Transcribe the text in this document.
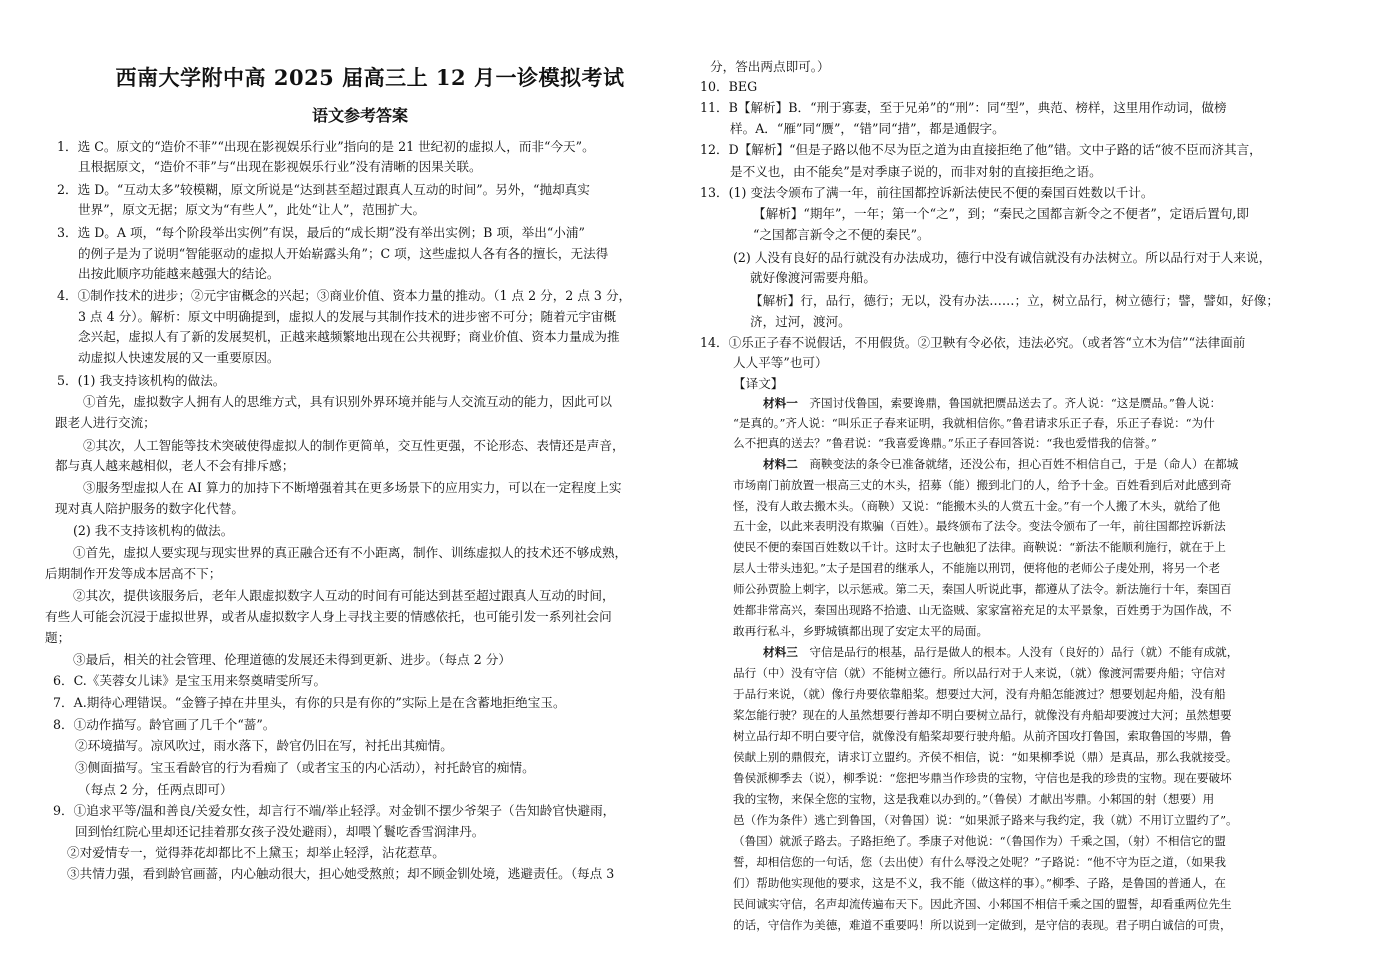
西南大学附中高 2025 届高三上 12 月一诊模拟考试
语文参考答案
1．选 C。原文的“造价不菲”“出现在影视娱乐行业”指向的是 21 世纪初的虚拟人，而非“今天”。
且根据原文，“造价不菲”与“出现在影视娱乐行业”没有清晰的因果关联。
2．选 D。“互动太多”较模糊，原文所说是“达到甚至超过跟真人互动的时间”。另外，“抛却真实
世界”，原文无据；原文为“有些人”，此处“让人”，范围扩大。
3．选 D。A 项，“每个阶段举出实例”有误，最后的“成长期”没有举出实例；B 项，举出“小浦”
的例子是为了说明“智能驱动的虚拟人开始崭露头角”；C 项，这些虚拟人各有各的擅长，无法得
出按此顺序功能越来越强大的结论。
4．①制作技术的进步；②元宇宙概念的兴起；③商业价值、资本力量的推动。（1 点 2 分，2 点 3 分，
3 点 4 分）。解析：原文中明确提到，虚拟人的发展与其制作技术的进步密不可分；随着元宇宙概
念兴起，虚拟人有了新的发展契机，正越来越频繁地出现在公共视野；商业价值、资本力量成为推
动虚拟人快速发展的又一重要原因。
5．(1) 我支持该机构的做法。
①首先，虚拟数字人拥有人的思维方式，具有识别外界环境并能与人交流互动的能力，因此可以
跟老人进行交流；
②其次，人工智能等技术突破使得虚拟人的制作更简单，交互性更强，不论形态、表情还是声音，
都与真人越来越相似，老人不会有排斥感；
③服务型虚拟人在 AI 算力的加持下不断增强着其在更多场景下的应用实力，可以在一定程度上实
现对真人陪护服务的数字化代替。
(2) 我不支持该机构的做法。
①首先，虚拟人要实现与现实世界的真正融合还有不小距离，制作、训练虚拟人的技术还不够成熟，
后期制作开发等成本居高不下；
②其次，提供该服务后，老年人跟虚拟数字人互动的时间有可能达到甚至超过跟真人互动的时间，
有些人可能会沉浸于虚拟世界，或者从虚拟数字人身上寻找主要的情感依托，也可能引发一系列社会问
题；
③最后，相关的社会管理、伦理道德的发展还未得到更新、进步。（每点 2 分）
6．C.《芙蓉女儿诔》是宝玉用来祭奠晴雯所写。
7．A.期待心理错误。“金簪子掉在井里头，有你的只是有你的”实际上是在含蓄地拒绝宝玉。
8．①动作描写。龄官画了几千个“蔷”。
②环境描写。凉风吹过，雨水落下，龄官仍旧在写，衬托出其痴情。
③侧面描写。宝玉看龄官的行为看痴了（或者宝玉的内心活动），衬托龄官的痴情。
（每点 2 分，任两点即可）
9．①追求平等/温和善良/关爱女性，却言行不端/举止轻浮。对金钏不摆少爷架子（告知龄官快避雨，
回到怡红院心里却还记挂着那女孩子没处避雨），却喂丫鬟吃香雪润津丹。
②对爱情专一，觉得莽花却都比不上黛玉；却举止轻浮，沾花惹草。
③共情力强，看到龄官画蔷，内心触动很大，担心她受熬煎；却不顾金钏处境，逃避责任。（每点 3
分，答出两点即可。）
10．BEG
11．B【解析】B．“刑于寡妻，至于兄弟”的“刑”：同“型”，典范、榜样，这里用作动词，做榜
样。A．“雁”同“赝”，“错”同“措”，都是通假字。
12．D【解析】“但是子路以他不尽为臣之道为由直接拒绝了他”错。文中子路的话“彼不臣而济其言，
是不义也，由不能矣”是对季康子说的，而非对射的直接拒绝之语。
13．(1) 变法令颁布了满一年，前往国都控诉新法使民不便的秦国百姓数以千计。
【解析】“期年”，一年；第一个“之”，到；“秦民之国都言新令之不便者”，定语后置句,即
“之国都言新令之不便的秦民”。
(2) 人没有良好的品行就没有办法成功，德行中没有诚信就没有办法树立。所以品行对于人来说，
就好像渡河需要舟船。
【解析】行，品行，德行；无以，没有办法……；立，树立品行，树立德行；譬，譬如，好像；
济，过河，渡河。
14．①乐正子春不说假话，不用假货。②卫鞅有令必依，违法必究。（或者答“立木为信”“法律面前
人人平等”也可）
【译文】
材料一　齐国讨伐鲁国，索要谗鼎，鲁国就把赝品送去了。齐人说：“这是赝品。”鲁人说：
“是真的。”齐人说：“叫乐正子春来证明，我就相信你。”鲁君请求乐正子春，乐正子春说：“为什
么不把真的送去？”鲁君说：“我喜爱谗鼎。”乐正子春回答说：“我也爱惜我的信誉。”
材料二　商鞅变法的条令已准备就绪，还没公布，担心百姓不相信自己，于是（命人）在都城
市场南门前放置一根高三丈的木头，招募（能）搬到北门的人，给予十金。百姓看到后对此感到奇
怪，没有人敢去搬木头。（商鞅）又说：“能搬木头的人赏五十金。”有一个人搬了木头，就给了他
五十金，以此来表明没有欺骗（百姓）。最终颁布了法令。变法令颁布了一年，前往国都控诉新法
使民不便的秦国百姓数以千计。这时太子也触犯了法律。商鞅说：“新法不能顺利施行，就在于上
层人士带头违犯。”太子是国君的继承人，不能施以刑罚，便将他的老师公子虔处刑，将另一个老
师公孙贾脸上刺字，以示惩戒。第二天，秦国人听说此事，都遵从了法令。新法施行十年，秦国百
姓都非常高兴，秦国出现路不拾遗、山无盗贼、家家富裕充足的太平景象，百姓勇于为国作战，不
敢再行私斗，乡野城镇都出现了安定太平的局面。
材料三　守信是品行的根基，品行是做人的根本。人没有（良好的）品行（就）不能有成就，
品行（中）没有守信（就）不能树立德行。所以品行对于人来说，（就）像渡河需要舟船；守信对
于品行来说，（就）像行舟要依靠船桨。想要过大河，没有舟船怎能渡过？想要划起舟船，没有船
桨怎能行驶？现在的人虽然想要行善却不明白要树立品行，就像没有舟船却要渡过大河；虽然想要
树立品行却不明白要守信，就像没有船桨却要行驶舟船。从前齐国攻打鲁国，索取鲁国的岑鼎，鲁
侯献上别的鼎假充，请求订立盟约。齐侯不相信，说：“如果柳季说（鼎）是真品，那么我就接受。
鲁侯派柳季去（说），柳季说：“您把岑鼎当作珍贵的宝物，守信也是我的珍贵的宝物。现在要破坏
我的宝物，来保全您的宝物，这是我难以办到的。”（鲁侯）才献出岑鼎。小邾国的射（想要）用
邑（作为条件）逃亡到鲁国，（对鲁国）说：“如果派子路来与我约定，我（就）不用订立盟约了”。
（鲁国）就派子路去。子路拒绝了。季康子对他说：“（鲁国作为）千乘之国，（射）不相信它的盟
誓，却相信您的一句话，您（去出使）有什么辱没之处呢？”子路说：“他不守为臣之道，（如果我
们）帮助他实现他的要求，这是不义，我不能（做这样的事）。”柳季、子路，是鲁国的普通人，在
民间诚实守信，名声却流传遍布天下。因此齐国、小邾国不相信千乘之国的盟誓，却看重两位先生
的话，守信作为美德，难道不重要吗！所以说到一定做到，是守信的表现。君子明白诚信的可贵，
